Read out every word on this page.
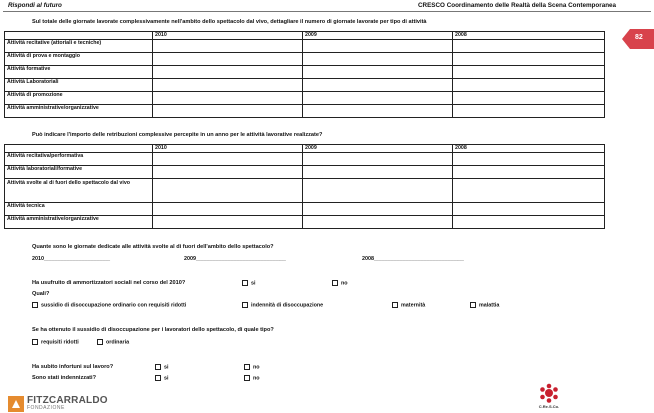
Rispondi al futuro	CRESCO Coordinamento delle Realtà della Scena Contemporanea
82
Sul totale delle giornate lavorate complessivamente nell'ambito dello spettacolo dal vivo, dettagliare il numero di giornate lavorate per tipo di attività
	2010	2009	2008
Attività recitative (attoriali e tecniche)			
Attività di prova e montaggio			
Attività formative			
Attività Laboratoriali			
Attività di promozione			
Attività amministrative/organizzative			
Può indicare l'importo delle retribuzioni complessive percepite in un anno per le attività lavorative realizzate?
	2010	2009	2008
Attività recitativa/performativa			
Attività laboratoriali/formative			
Attività svolte al di fuori dello spettacolo dal vivo			
Attività tecnica			
Attività amministrative/organizzative			
Quante sono le giornate dedicate alle attività svolte al di fuori dell'ambito dello spettacolo?
2010______________________	2009______________________________	2008______________________________
Ha usufruito di ammortizzatori sociali nel corso del 2010?	si	no
Quali?
sussidio di disoccupazione ordinario con requisiti ridotti	indennità di disoccupazione	maternità	malattia
Se ha ottenuto il sussidio di disoccupazione per i lavoratori dello spettacolo, di quale tipo?
requisiti ridotti	ordinaria
Ha subito infortuni sul lavoro?	si	no
Sono stati indennizzati?	si	no
FITZCARRALDO
FONDAZIONE	C.Re.S.Co.
